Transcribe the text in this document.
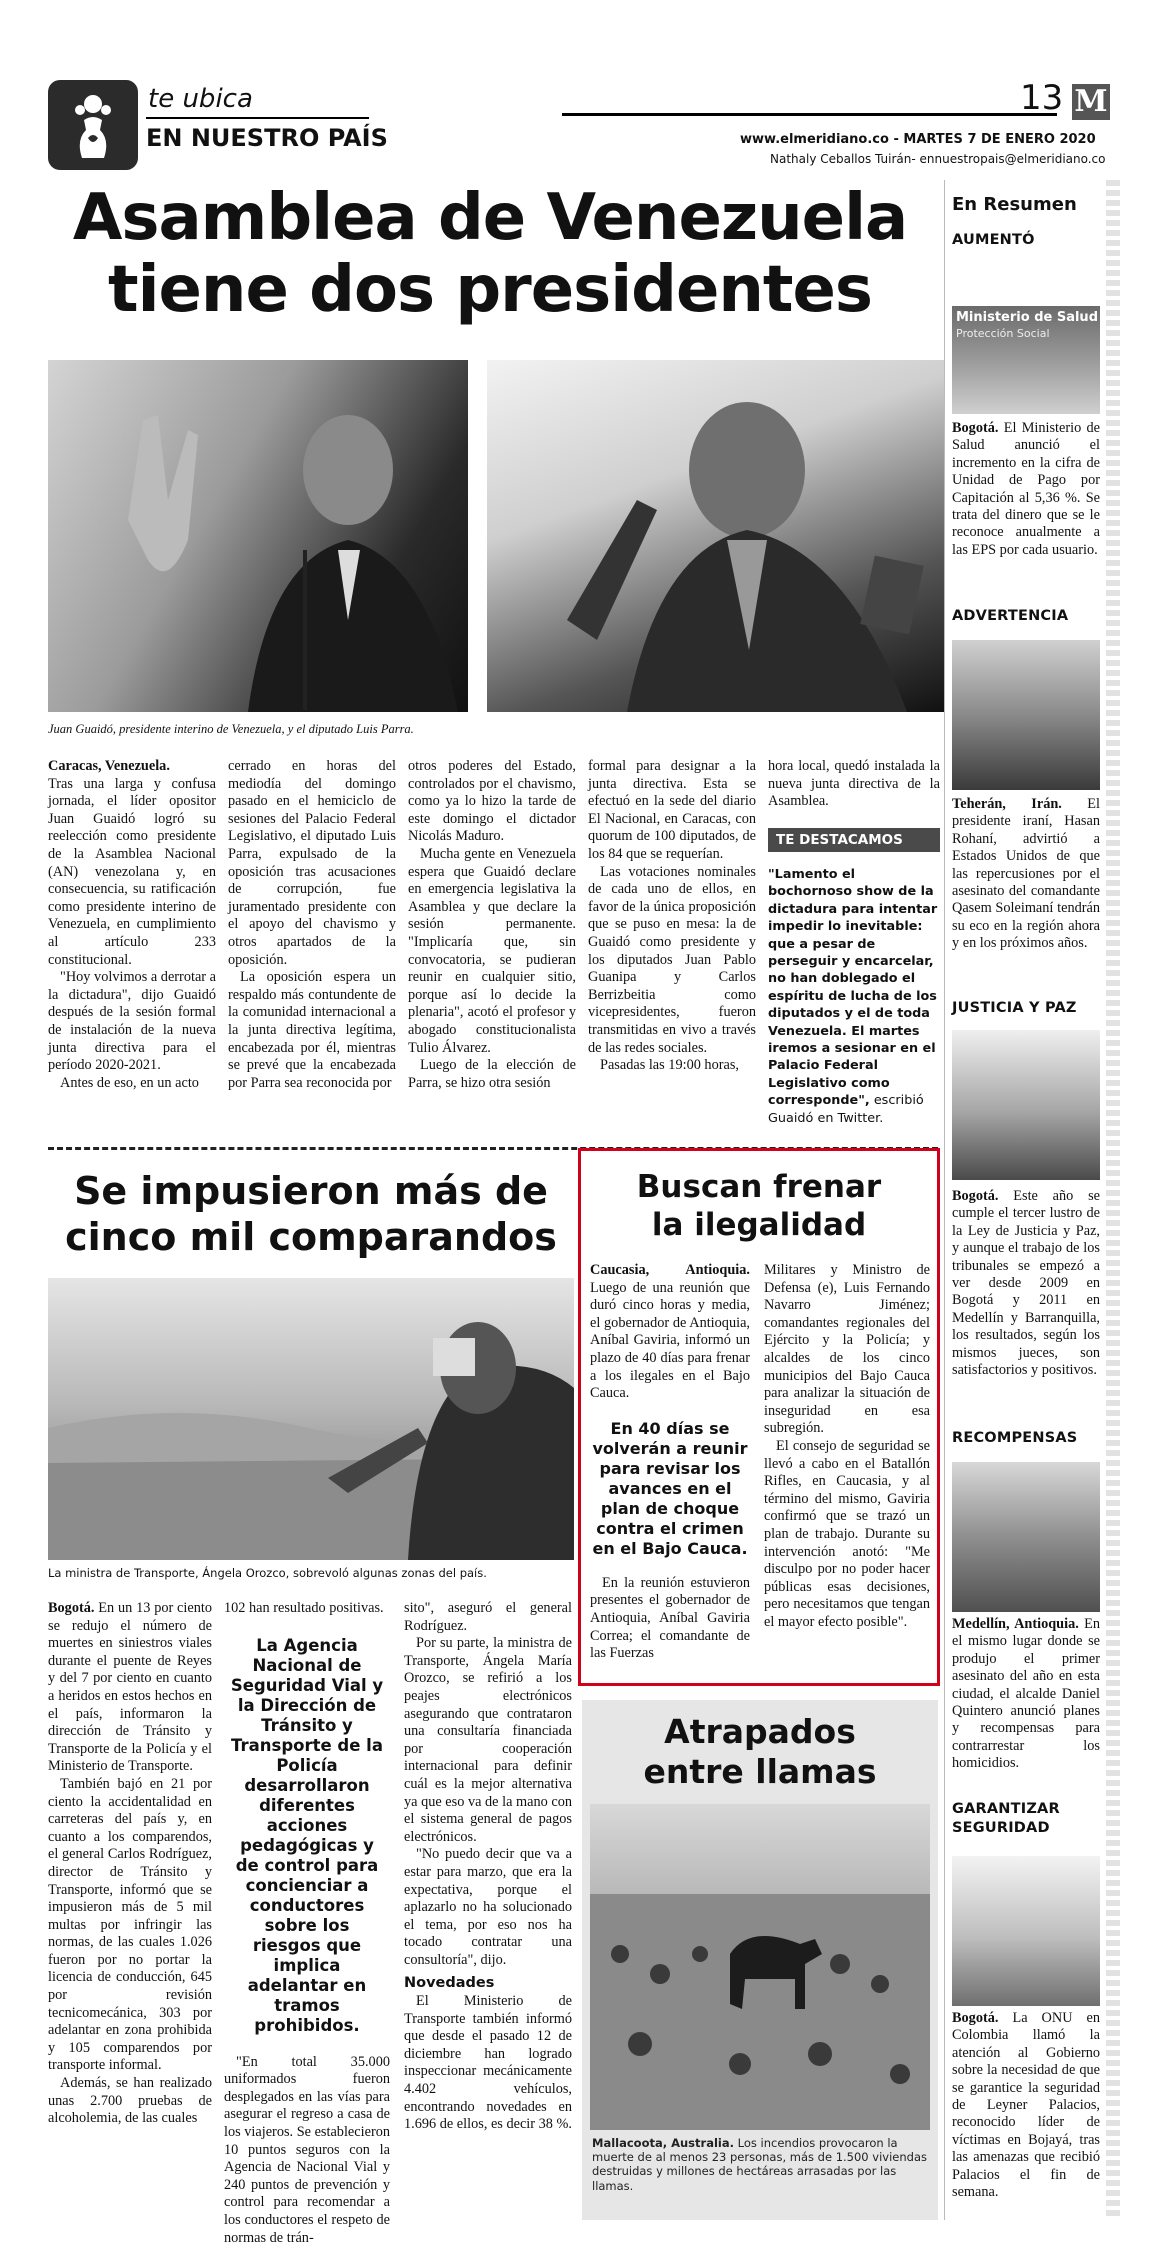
te ubica
EN NUESTRO PAÍS
13 M
www.elmeridiano.co - MARTES 7 DE ENERO 2020
Nathaly Ceballos Tuirán- ennuestropais@elmeridiano.co
Asamblea de Venezuela
tiene dos presidentes
Juan Guaidó, presidente interino de Venezuela, y el diputado Luis Parra.

Caracas, Venezuela.

Tras una larga y confusa jornada, el líder opositor Juan Guaidó logró su reelección como presidente de la Asamblea Nacional (AN) venezolana y, en consecuencia, su ratificación como presidente interino de Venezuela, en cumplimiento al artículo 233 constitucional.

"Hoy volvimos a derrotar a la dictadura", dijo Guaidó después de la sesión formal de instalación de la nueva junta directiva para el período 2020-2021.

Antes de eso, en un acto

cerrado en horas del mediodía del domingo pasado en el hemiciclo de sesiones del Palacio Federal Legislativo, el diputado Luis Parra, expulsado de la oposición tras acusaciones de corrupción, fue juramentado presidente con el apoyo del chavismo y otros apartados de la oposición.

La oposición espera un respaldo más contundente de la comunidad internacional a la junta directiva legítima, encabezada por él, mientras se prevé que la encabezada por Parra sea reconocida por

otros poderes del Estado, controlados por el chavismo, como ya lo hizo la tarde de este domingo el dictador Nicolás Maduro.

Mucha gente en Venezuela espera que Guaidó declare en emergencia legislativa la Asamblea y que declare la sesión permanente. "Implicaría que, sin convocatoria, se pudieran reunir en cualquier sitio, porque así lo decide la plenaria", acotó el profesor y abogado constitucionalista Tulio Álvarez.

Luego de la elección de Parra, se hizo otra sesión

formal para designar a la junta directiva. Esta se efectuó en la sede del diario El Nacional, en Caracas, con quorum de 100 diputados, de los 84 que se requerían.

Las votaciones nominales de cada uno de ellos, en favor de la única proposición que se puso en mesa: la de Guaidó como presidente y los diputados Juan Pablo Guanipa y Carlos Berrizbeitia como vicepresidentes, fueron transmitidas en vivo a través de las redes sociales.

Pasadas las 19:00 horas,

hora local, quedó instalada la nueva junta directiva de la Asamblea.

TE DESTACAMOS
"Lamento el bochornoso show de la dictadura para intentar impedir lo inevitable: que a pesar de perseguir y encarcelar, no han doblegado el espíritu de lucha de los diputados y el de toda Venezuela. El martes iremos a sesionar en el Palacio Federal Legislativo como corresponde", escribió Guaidó en Twitter.
Se impusieron más de
cinco mil comparandos
La ministra de Transporte, Ángela Orozco, sobrevoló algunas zonas del país.

Bogotá. En un 13 por ciento se redujo el número de muertes en siniestros viales durante el puente de Reyes y del 7 por ciento en cuanto a heridos en estos hechos en el país, informaron la dirección de Tránsito y Transporte de la Policía y el Ministerio de Transporte.

También bajó en 21 por ciento la accidentalidad en carreteras del país y, en cuanto a los comparendos, el general Carlos Rodríguez, director de Tránsito y Transporte, informó que se impusieron más de 5 mil multas por infringir las normas, de las cuales 1.026 fueron por no portar la licencia de conducción, 645 por revisión tecnicomecánica, 303 por adelantar en zona prohibida y 105 comparendos por transporte informal.

Además, se han realizado unas 2.700 pruebas de alcoholemia, de las cuales

102 han resultado positivas.

La Agencia Nacional de Seguridad Vial y la Dirección de Tránsito y Transporte de la Policía desarrollaron diferentes acciones pedagógicas y de control para concienciar a conductores sobre los riesgos que implica adelantar en tramos prohibidos.

"En total 35.000 uniformados fueron desplegados en las vías para asegurar el regreso a casa de los viajeros. Se establecieron 10 puntos seguros con la Agencia de Nacional Vial y 240 puntos de prevención y control para recomendar a los conductores el respeto de normas de trán-

sito", aseguró el general Rodríguez.

Por su parte, la ministra de Transporte, Ángela María Orozco, se refirió a los peajes electrónicos asegurando que contrataron una consultaría financiada por cooperación internacional para definir cuál es la mejor alternativa ya que eso va de la mano con el sistema general de pagos electrónicos.

"No puedo decir que va a estar para marzo, que era la expectativa, porque el aplazarlo no ha solucionado el tema, por eso nos ha tocado contratar una consultoría", dijo.

Novedades

El Ministerio de Transporte también informó que desde el pasado 12 de diciembre han logrado inspeccionar mecánicamente 4.402 vehículos, encontrando novedades en 1.696 de ellos, es decir 38 %.

Buscan frenar
la ilegalidad

Caucasia, Antioquia. Luego de una reunión que duró cinco horas y media, el gobernador de Antioquia, Aníbal Gaviria, informó un plazo de 40 días para frenar a los ilegales en el Bajo Cauca.

En 40 días se volverán a reunir para revisar los avances en el plan de choque contra el crimen en el Bajo Cauca.

En la reunión estuvieron presentes el gobernador de Antioquia, Aníbal Gaviria Correa; el comandante de las Fuerzas

Militares y Ministro de Defensa (e), Luis Fernando Navarro Jiménez; comandantes regionales del Ejército y la Policía; y alcaldes de los cinco municipios del Bajo Cauca para analizar la situación de inseguridad en esa subregión.

El consejo de seguridad se llevó a cabo en el Batallón Rifles, en Caucasia, y al término del mismo, Gaviria confirmó que se trazó un plan de trabajo. Durante su intervención anotó: "Me disculpo por no poder hacer públicas esas decisiones, pero necesitamos que tengan el mayor efecto posible".

Atrapados
entre llamas
Mallacoota, Australia. Los incendios provocaron la muerte de al menos 23 personas, más de 1.500 viviendas destruidas y millones de hectáreas arrasadas por las llamas.
En Resumen
AUMENTÓ
Ministerio de Salud
Protección Social
Bogotá. El Ministerio de Salud anunció el incremento en la cifra de Unidad de Pago por Capitación al 5,36 %. Se trata del dinero que se le reconoce anualmente a las EPS por cada usuario.
ADVERTENCIA
Teherán, Irán. El presidente iraní, Hasan Rohaní, advirtió a Estados Unidos de que las repercusiones por el asesinato del comandante Qasem Soleimaní tendrán su eco en la región ahora y en los próximos años.
JUSTICIA Y PAZ
Bogotá. Este año se cumple el tercer lustro de la Ley de Justicia y Paz, y aunque el trabajo de los tribunales se empezó a ver desde 2009 en Bogotá y 2011 en Medellín y Barranquilla, los resultados, según los mismos jueces, son satisfactorios y positivos.
RECOMPENSAS
Medellín, Antioquia. En el mismo lugar donde se produjo el primer asesinato del año en esta ciudad, el alcalde Daniel Quintero anunció planes y recompensas para contrarrestar los homicidios.
GARANTIZAR SEGURIDAD
Bogotá. La ONU en Colombia llamó la atención al Gobierno sobre la necesidad de que se garantice la seguridad de Leyner Palacios, reconocido líder de víctimas en Bojayá, tras las amenazas que recibió Palacios el fin de semana.
